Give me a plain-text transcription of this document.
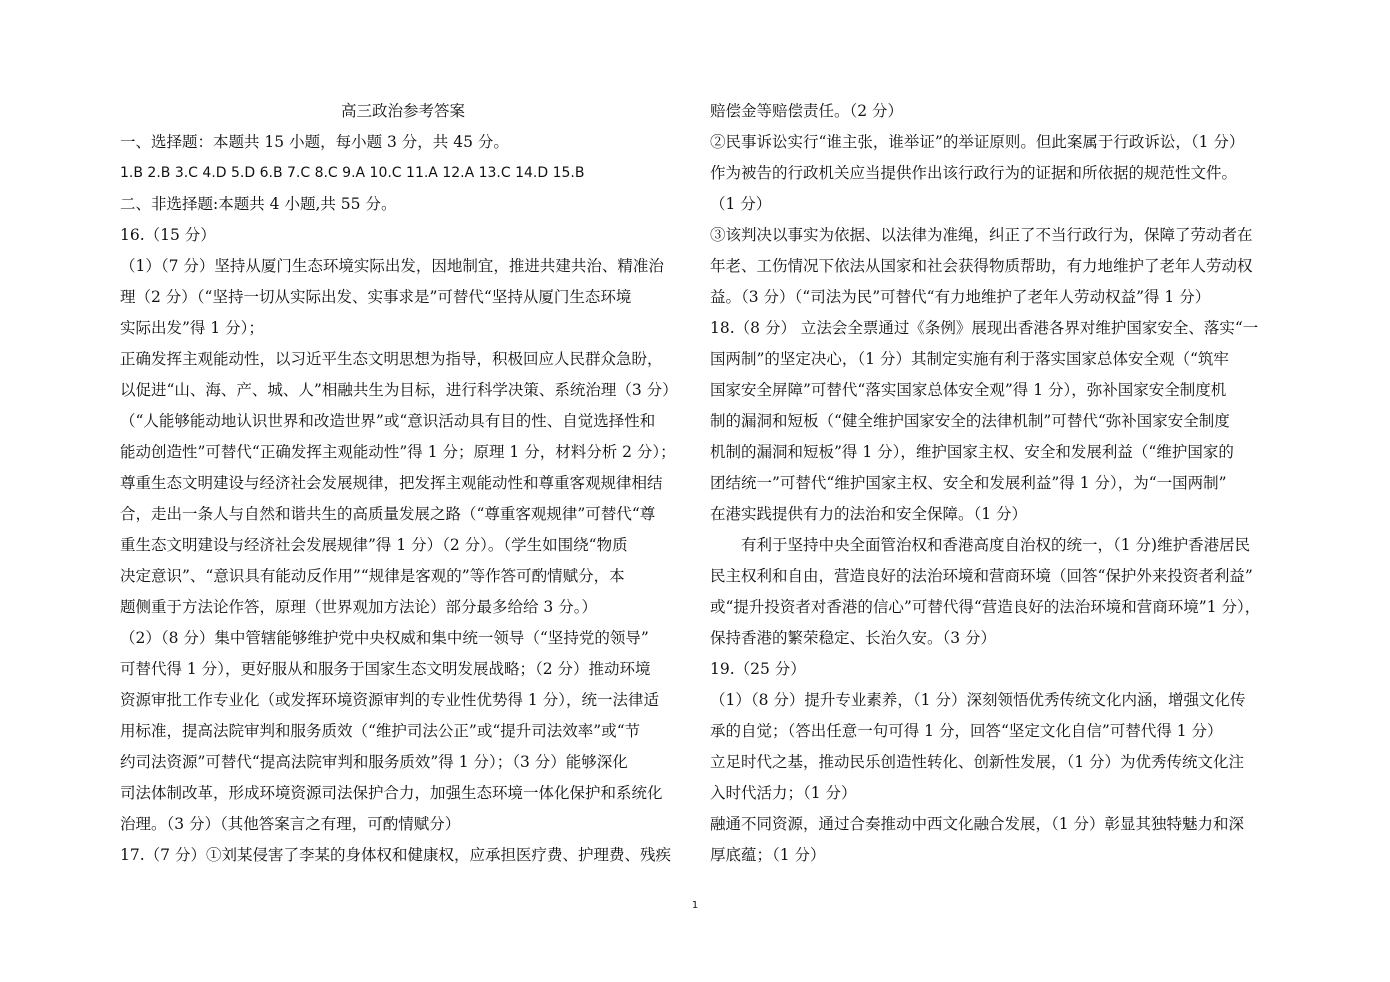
高三政治参考答案
一、选择题：本题共 15 小题，每小题 3 分，共 45 分。
1.B 2.B 3.C 4.D 5.D 6.B 7.C 8.C 9.A 10.C 11.A 12.A 13.C 14.D 15.B
二、非选择题:本题共 4 小题,共 55 分。
16.（15 分）
（1）（7 分）坚持从厦门生态环境实际出发，因地制宜，推进共建共治、精准治
理（2 分）（“坚持一切从实际出发、实事求是”可替代“坚持从厦门生态环境
实际出发”得 1 分）；
正确发挥主观能动性，以习近平生态文明思想为指导，积极回应人民群众急盼，
以促进“山、海、产、城、人”相融共生为目标，进行科学决策、系统治理（3 分）
（“人能够能动地认识世界和改造世界”或“意识活动具有目的性、自觉选择性和
能动创造性”可替代“正确发挥主观能动性”得 1 分；原理 1 分，材料分析 2 分）；
尊重生态文明建设与经济社会发展规律，把发挥主观能动性和尊重客观规律相结
合，走出一条人与自然和谐共生的高质量发展之路（“尊重客观规律”可替代“尊
重生态文明建设与经济社会发展规律”得 1 分）（2 分）。（学生如围绕“物质
决定意识”、“意识具有能动反作用”“规律是客观的”等作答可酌情赋分，本
题侧重于方法论作答，原理（世界观加方法论）部分最多给给 3 分。）
（2）（8 分）集中管辖能够维护党中央权威和集中统一领导（“坚持党的领导”
可替代得 1 分），更好服从和服务于国家生态文明发展战略；（2 分）推动环境
资源审批工作专业化（或发挥环境资源审判的专业性优势得 1 分），统一法律适
用标准，提高法院审判和服务质效（“维护司法公正”或“提升司法效率”或“节
约司法资源”可替代“提高法院审判和服务质效”得 1 分）；（3 分）能够深化
司法体制改革，形成环境资源司法保护合力，加强生态环境一体化保护和系统化
治理。（3 分）（其他答案言之有理，可酌情赋分）
17.（7 分）①刘某侵害了李某的身体权和健康权，应承担医疗费、护理费、残疾
赔偿金等赔偿责任。（2 分）
②民事诉讼实行“谁主张，谁举证”的举证原则。但此案属于行政诉讼，（1 分）
作为被告的行政机关应当提供作出该行政行为的证据和所依据的规范性文件。
（1 分）
③该判决以事实为依据、以法律为准绳，纠正了不当行政行为，保障了劳动者在
年老、工伤情况下依法从国家和社会获得物质帮助，有力地维护了老年人劳动权
益。（3 分）（“司法为民”可替代“有力地维护了老年人劳动权益”得 1 分）
18.（8 分） 立法会全票通过《条例》展现出香港各界对维护国家安全、落实“一
国两制”的坚定决心，（1 分）其制定实施有利于落实国家总体安全观（“筑牢
国家安全屏障”可替代“落实国家总体安全观”得 1 分），弥补国家安全制度机
制的漏洞和短板（“健全维护国家安全的法律机制”可替代“弥补国家安全制度
机制的漏洞和短板”得 1 分），维护国家主权、安全和发展利益（“维护国家的
团结统一”可替代“维护国家主权、安全和发展利益”得 1 分），为“一国两制”
在港实践提供有力的法治和安全保障。（1 分）
　　有利于坚持中央全面管治权和香港高度自治权的统一，（1 分)维护香港居民
民主权利和自由，营造良好的法治环境和营商环境（回答“保护外来投资者利益”
或“提升投资者对香港的信心”可替代得“营造良好的法治环境和营商环境”1 分），
保持香港的繁荣稳定、长治久安。（3 分）
19.（25 分）
（1）（8 分）提升专业素养，（1 分）深刻领悟优秀传统文化内涵，增强文化传
承的自觉；（答出任意一句可得 1 分，回答“坚定文化自信”可替代得 1 分）
立足时代之基，推动民乐创造性转化、创新性发展，（1 分）为优秀传统文化注
入时代活力；（1 分）
融通不同资源，通过合奏推动中西文化融合发展，（1 分）彰显其独特魅力和深
厚底蕴；（1 分）
1
